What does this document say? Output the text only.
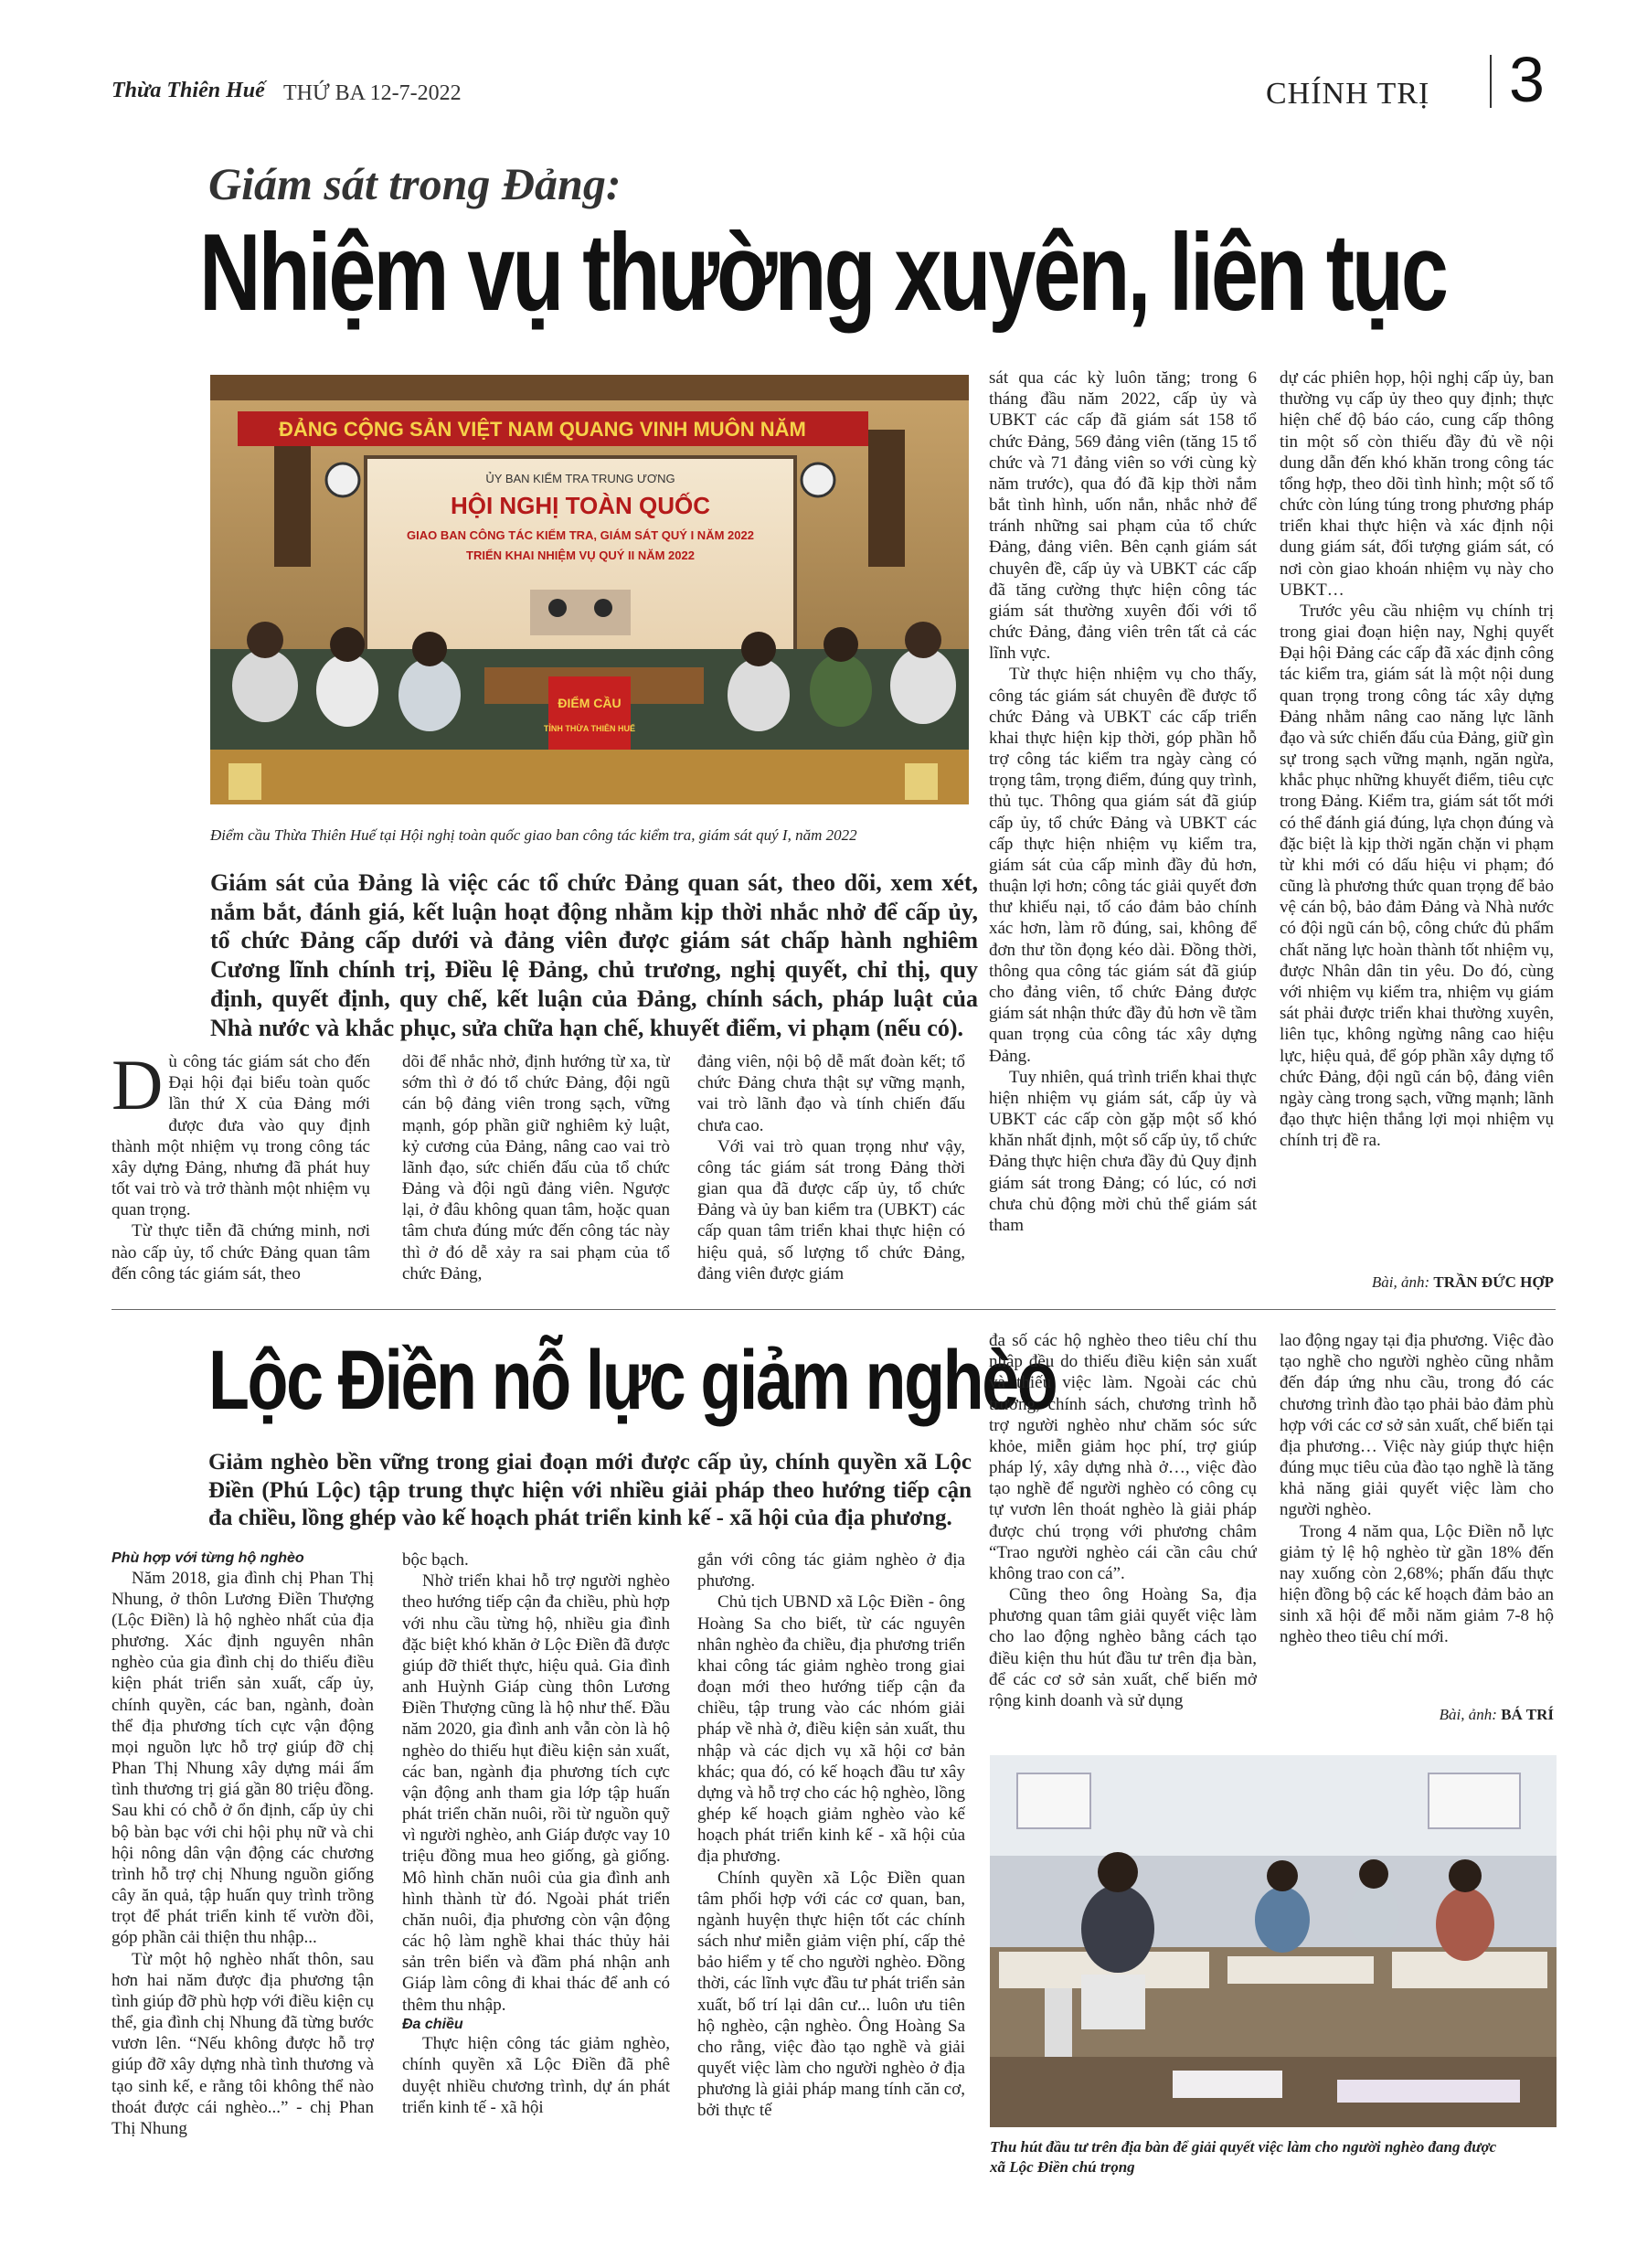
Thừa Thiên Huế THỨ BA 12-7-2022	CHÍNH TRỊ 3
Giám sát trong Đảng:
Nhiệm vụ thường xuyên, liên tục
ĐẢNG CỘNG SẢN VIỆT NAM QUANG VINH MUÔN NĂM
ỦY BAN KIỂM TRA TRUNG ƯƠNG
HỘI NGHỊ TOÀN QUỐC
GIAO BAN CÔNG TÁC KIỂM TRA, GIÁM SÁT QUÝ I NĂM 2022
TRIỂN KHAI NHIỆM VỤ QUÝ II NĂM 2022
ĐIỂM CẦU
TỈNH THỪA THIÊN HUẾ
Điểm cầu Thừa Thiên Huế tại Hội nghị toàn quốc giao ban công tác kiểm tra, giám sát quý I, năm 2022
Giám sát của Đảng là việc các tổ chức Đảng quan sát, theo dõi, xem xét, nắm bắt, đánh giá, kết luận hoạt động nhằm kịp thời nhắc nhở để cấp ủy, tổ chức Đảng cấp dưới và đảng viên được giám sát chấp hành nghiêm Cương lĩnh chính trị, Điều lệ Đảng, chủ trương, nghị quyết, chỉ thị, quy định, quyết định, quy chế, kết luận của Đảng, chính sách, pháp luật của Nhà nước và khắc phục, sửa chữa hạn chế, khuyết điểm, vi phạm (nếu có).

Dù công tác giám sát cho đến Đại hội đại biểu toàn quốc lần thứ X của Đảng mới được đưa vào quy định thành một nhiệm vụ trong công tác xây dựng Đảng, nhưng đã phát huy tốt vai trò và trở thành một nhiệm vụ quan trọng.

Từ thực tiễn đã chứng minh, nơi nào cấp ủy, tổ chức Đảng quan tâm đến công tác giám sát, theo

dõi để nhắc nhở, định hướng từ xa, từ sớm thì ở đó tổ chức Đảng, đội ngũ cán bộ đảng viên trong sạch, vững mạnh, góp phần giữ nghiêm kỷ luật, kỷ cương của Đảng, nâng cao vai trò lãnh đạo, sức chiến đấu của tổ chức Đảng và đội ngũ đảng viên. Ngược lại, ở đâu không quan tâm, hoặc quan tâm chưa đúng mức đến công tác này thì ở đó dễ xảy ra sai phạm của tổ chức Đảng,

đảng viên, nội bộ dễ mất đoàn kết; tổ chức Đảng chưa thật sự vững mạnh, vai trò lãnh đạo và tính chiến đấu chưa cao.

Với vai trò quan trọng như vậy, công tác giám sát trong Đảng thời gian qua đã được cấp ủy, tổ chức Đảng và ủy ban kiểm tra (UBKT) các cấp quan tâm triển khai thực hiện có hiệu quả, số lượng tổ chức Đảng, đảng viên được giám

sát qua các kỳ luôn tăng; trong 6 tháng đầu năm 2022, cấp ủy và UBKT các cấp đã giám sát 158 tổ chức Đảng, 569 đảng viên (tăng 15 tổ chức và 71 đảng viên so với cùng kỳ năm trước), qua đó đã kịp thời nắm bắt tình hình, uốn nắn, nhắc nhở để tránh những sai phạm của tổ chức Đảng, đảng viên. Bên cạnh giám sát chuyên đề, cấp ủy và UBKT các cấp đã tăng cường thực hiện công tác giám sát thường xuyên đối với tổ chức Đảng, đảng viên trên tất cả các lĩnh vực.

Từ thực hiện nhiệm vụ cho thấy, công tác giám sát chuyên đề được tổ chức Đảng và UBKT các cấp triển khai thực hiện kịp thời, góp phần hỗ trợ công tác kiểm tra ngày càng có trọng tâm, trọng điểm, đúng quy trình, thủ tục. Thông qua giám sát đã giúp cấp ủy, tổ chức Đảng và UBKT các cấp thực hiện nhiệm vụ kiểm tra, giám sát của cấp mình đầy đủ hơn, thuận lợi hơn; công tác giải quyết đơn thư khiếu nại, tố cáo đảm bảo chính xác hơn, làm rõ đúng, sai, không để đơn thư tồn đọng kéo dài. Đồng thời, thông qua công tác giám sát đã giúp cho đảng viên, tổ chức Đảng được giám sát nhận thức đầy đủ hơn về tầm quan trọng của công tác xây dựng Đảng.

Tuy nhiên, quá trình triển khai thực hiện nhiệm vụ giám sát, cấp ủy và UBKT các cấp còn gặp một số khó khăn nhất định, một số cấp ủy, tổ chức Đảng thực hiện chưa đầy đủ Quy định giám sát trong Đảng; có lúc, có nơi chưa chủ động mời chủ thể giám sát tham

dự các phiên họp, hội nghị cấp ủy, ban thường vụ cấp ủy theo quy định; thực hiện chế độ báo cáo, cung cấp thông tin một số còn thiếu đầy đủ về nội dung dẫn đến khó khăn trong công tác tổng hợp, theo dõi tình hình; một số tổ chức còn lúng túng trong phương pháp triển khai thực hiện và xác định nội dung giám sát, đối tượng giám sát, có nơi còn giao khoán nhiệm vụ này cho UBKT…

Trước yêu cầu nhiệm vụ chính trị trong giai đoạn hiện nay, Nghị quyết Đại hội Đảng các cấp đã xác định công tác kiểm tra, giám sát là một nội dung quan trọng trong công tác xây dựng Đảng nhằm nâng cao năng lực lãnh đạo và sức chiến đấu của Đảng, giữ gìn sự trong sạch vững mạnh, ngăn ngừa, khắc phục những khuyết điểm, tiêu cực trong Đảng. Kiểm tra, giám sát tốt mới có thể đánh giá đúng, lựa chọn đúng và đặc biệt là kịp thời ngăn chặn vi phạm từ khi mới có dấu hiệu vi phạm; đó cũng là phương thức quan trọng để bảo vệ cán bộ, bảo đảm Đảng và Nhà nước có đội ngũ cán bộ, công chức đủ phẩm chất năng lực hoàn thành tốt nhiệm vụ, được Nhân dân tin yêu. Do đó, cùng với nhiệm vụ kiểm tra, nhiệm vụ giám sát phải được triển khai thường xuyên, liên tục, không ngừng nâng cao hiệu lực, hiệu quả, để góp phần xây dựng tổ chức Đảng, đội ngũ cán bộ, đảng viên ngày càng trong sạch, vững mạnh; lãnh đạo thực hiện thắng lợi mọi nhiệm vụ chính trị đề ra.

Bài, ảnh: TRẦN ĐỨC HỢP
Lộc Điền nỗ lực giảm nghèo
Giảm nghèo bền vững trong giai đoạn mới được cấp ủy, chính quyền xã Lộc Điền (Phú Lộc) tập trung thực hiện với nhiều giải pháp theo hướng tiếp cận đa chiều, lồng ghép vào kế hoạch phát triển kinh kế - xã hội của địa phương.

Phù hợp với từng hộ nghèo

Năm 2018, gia đình chị Phan Thị Nhung, ở thôn Lương Điền Thượng (Lộc Điền) là hộ nghèo nhất của địa phương. Xác định nguyên nhân nghèo của gia đình chị do thiếu điều kiện phát triển sản xuất, cấp ủy, chính quyền, các ban, ngành, đoàn thể địa phương tích cực vận động mọi nguồn lực hỗ trợ giúp đỡ chị Phan Thị Nhung xây dựng mái ấm tình thương trị giá gần 80 triệu đồng. Sau khi có chỗ ở ổn định, cấp ủy chi bộ bàn bạc với chi hội phụ nữ và chi hội nông dân vận động các chương trình hỗ trợ chị Nhung nguồn giống cây ăn quả, tập huấn quy trình trồng trọt để phát triển kinh tế vườn đồi, góp phần cải thiện thu nhập...

Từ một hộ nghèo nhất thôn, sau hơn hai năm được địa phương tận tình giúp đỡ phù hợp với điều kiện cụ thể, gia đình chị Nhung đã từng bước vươn lên. “Nếu không được hỗ trợ giúp đỡ xây dựng nhà tình thương và tạo sinh kế, e rằng tôi không thể nào thoát được cái nghèo...” - chị Phan Thị Nhung

bộc bạch.

Nhờ triển khai hỗ trợ người nghèo theo hướng tiếp cận đa chiều, phù hợp với nhu cầu từng hộ, nhiều gia đình đặc biệt khó khăn ở Lộc Điền đã được giúp đỡ thiết thực, hiệu quả. Gia đình anh Huỳnh Giáp cùng thôn Lương Điền Thượng cũng là hộ như thế. Đầu năm 2020, gia đình anh vẫn còn là hộ nghèo do thiếu hụt điều kiện sản xuất, các ban, ngành địa phương tích cực vận động anh tham gia lớp tập huấn phát triển chăn nuôi, rồi từ nguồn quỹ vì người nghèo, anh Giáp được vay 10 triệu đồng mua heo giống, gà giống. Mô hình chăn nuôi của gia đình anh hình thành từ đó. Ngoài phát triển chăn nuôi, địa phương còn vận động các hộ làm nghề khai thác thủy hải sản trên biển và đầm phá nhận anh Giáp làm công đi khai thác để anh có thêm thu nhập.

Đa chiều

Thực hiện công tác giảm nghèo, chính quyền xã Lộc Điền đã phê duyệt nhiều chương trình, dự án phát triển kinh tế - xã hội

gắn với công tác giảm nghèo ở địa phương.

Chủ tịch UBND xã Lộc Điền - ông Hoàng Sa cho biết, từ các nguyên nhân nghèo đa chiều, địa phương triển khai công tác giảm nghèo trong giai đoạn mới theo hướng tiếp cận đa chiều, tập trung vào các nhóm giải pháp về nhà ở, điều kiện sản xuất, thu nhập và các dịch vụ xã hội cơ bản khác; qua đó, có kế hoạch đầu tư xây dựng và hỗ trợ cho các hộ nghèo, lồng ghép kế hoạch giảm nghèo vào kế hoạch phát triển kinh kế - xã hội của địa phương.

Chính quyền xã Lộc Điền quan tâm phối hợp với các cơ quan, ban, ngành huyện thực hiện tốt các chính sách như miễn giảm viện phí, cấp thẻ bảo hiểm y tế cho người nghèo. Đồng thời, các lĩnh vực đầu tư phát triển sản xuất, bố trí lại dân cư... luôn ưu tiên hộ nghèo, cận nghèo. Ông Hoàng Sa cho rằng, việc đào tạo nghề và giải quyết việc làm cho người nghèo ở địa phương là giải pháp mang tính căn cơ, bởi thực tế

đa số các hộ nghèo theo tiêu chí thu nhập đều do thiếu điều kiện sản xuất và thiếu việc làm. Ngoài các chủ trương, chính sách, chương trình hỗ trợ người nghèo như chăm sóc sức khỏe, miễn giảm học phí, trợ giúp pháp lý, xây dựng nhà ở…, việc đào tạo nghề để người nghèo có công cụ tự vươn lên thoát nghèo là giải pháp được chú trọng với phương châm “Trao người nghèo cái cần câu chứ không trao con cá”.

Cũng theo ông Hoàng Sa, địa phương quan tâm giải quyết việc làm cho lao động nghèo bằng cách tạo điều kiện thu hút đầu tư trên địa bàn, để các cơ sở sản xuất, chế biến mở rộng kinh doanh và sử dụng

lao động ngay tại địa phương. Việc đào tạo nghề cho người nghèo cũng nhằm đến đáp ứng nhu cầu, trong đó các chương trình đào tạo phải bảo đảm phù hợp với các cơ sở sản xuất, chế biến tại địa phương… Việc này giúp thực hiện đúng mục tiêu của đào tạo nghề là tăng khả năng giải quyết việc làm cho người nghèo.

Trong 4 năm qua, Lộc Điền nỗ lực giảm tỷ lệ hộ nghèo từ gần 18% đến nay xuống còn 2,68%; phấn đấu thực hiện đồng bộ các kế hoạch đảm bảo an sinh xã hội để mỗi năm giảm 7-8 hộ nghèo theo tiêu chí mới.

Bài, ảnh: BÁ TRÍ
Thu hút đầu tư trên địa bàn để giải quyết việc làm cho người nghèo đang được xã Lộc Điền chú trọng
